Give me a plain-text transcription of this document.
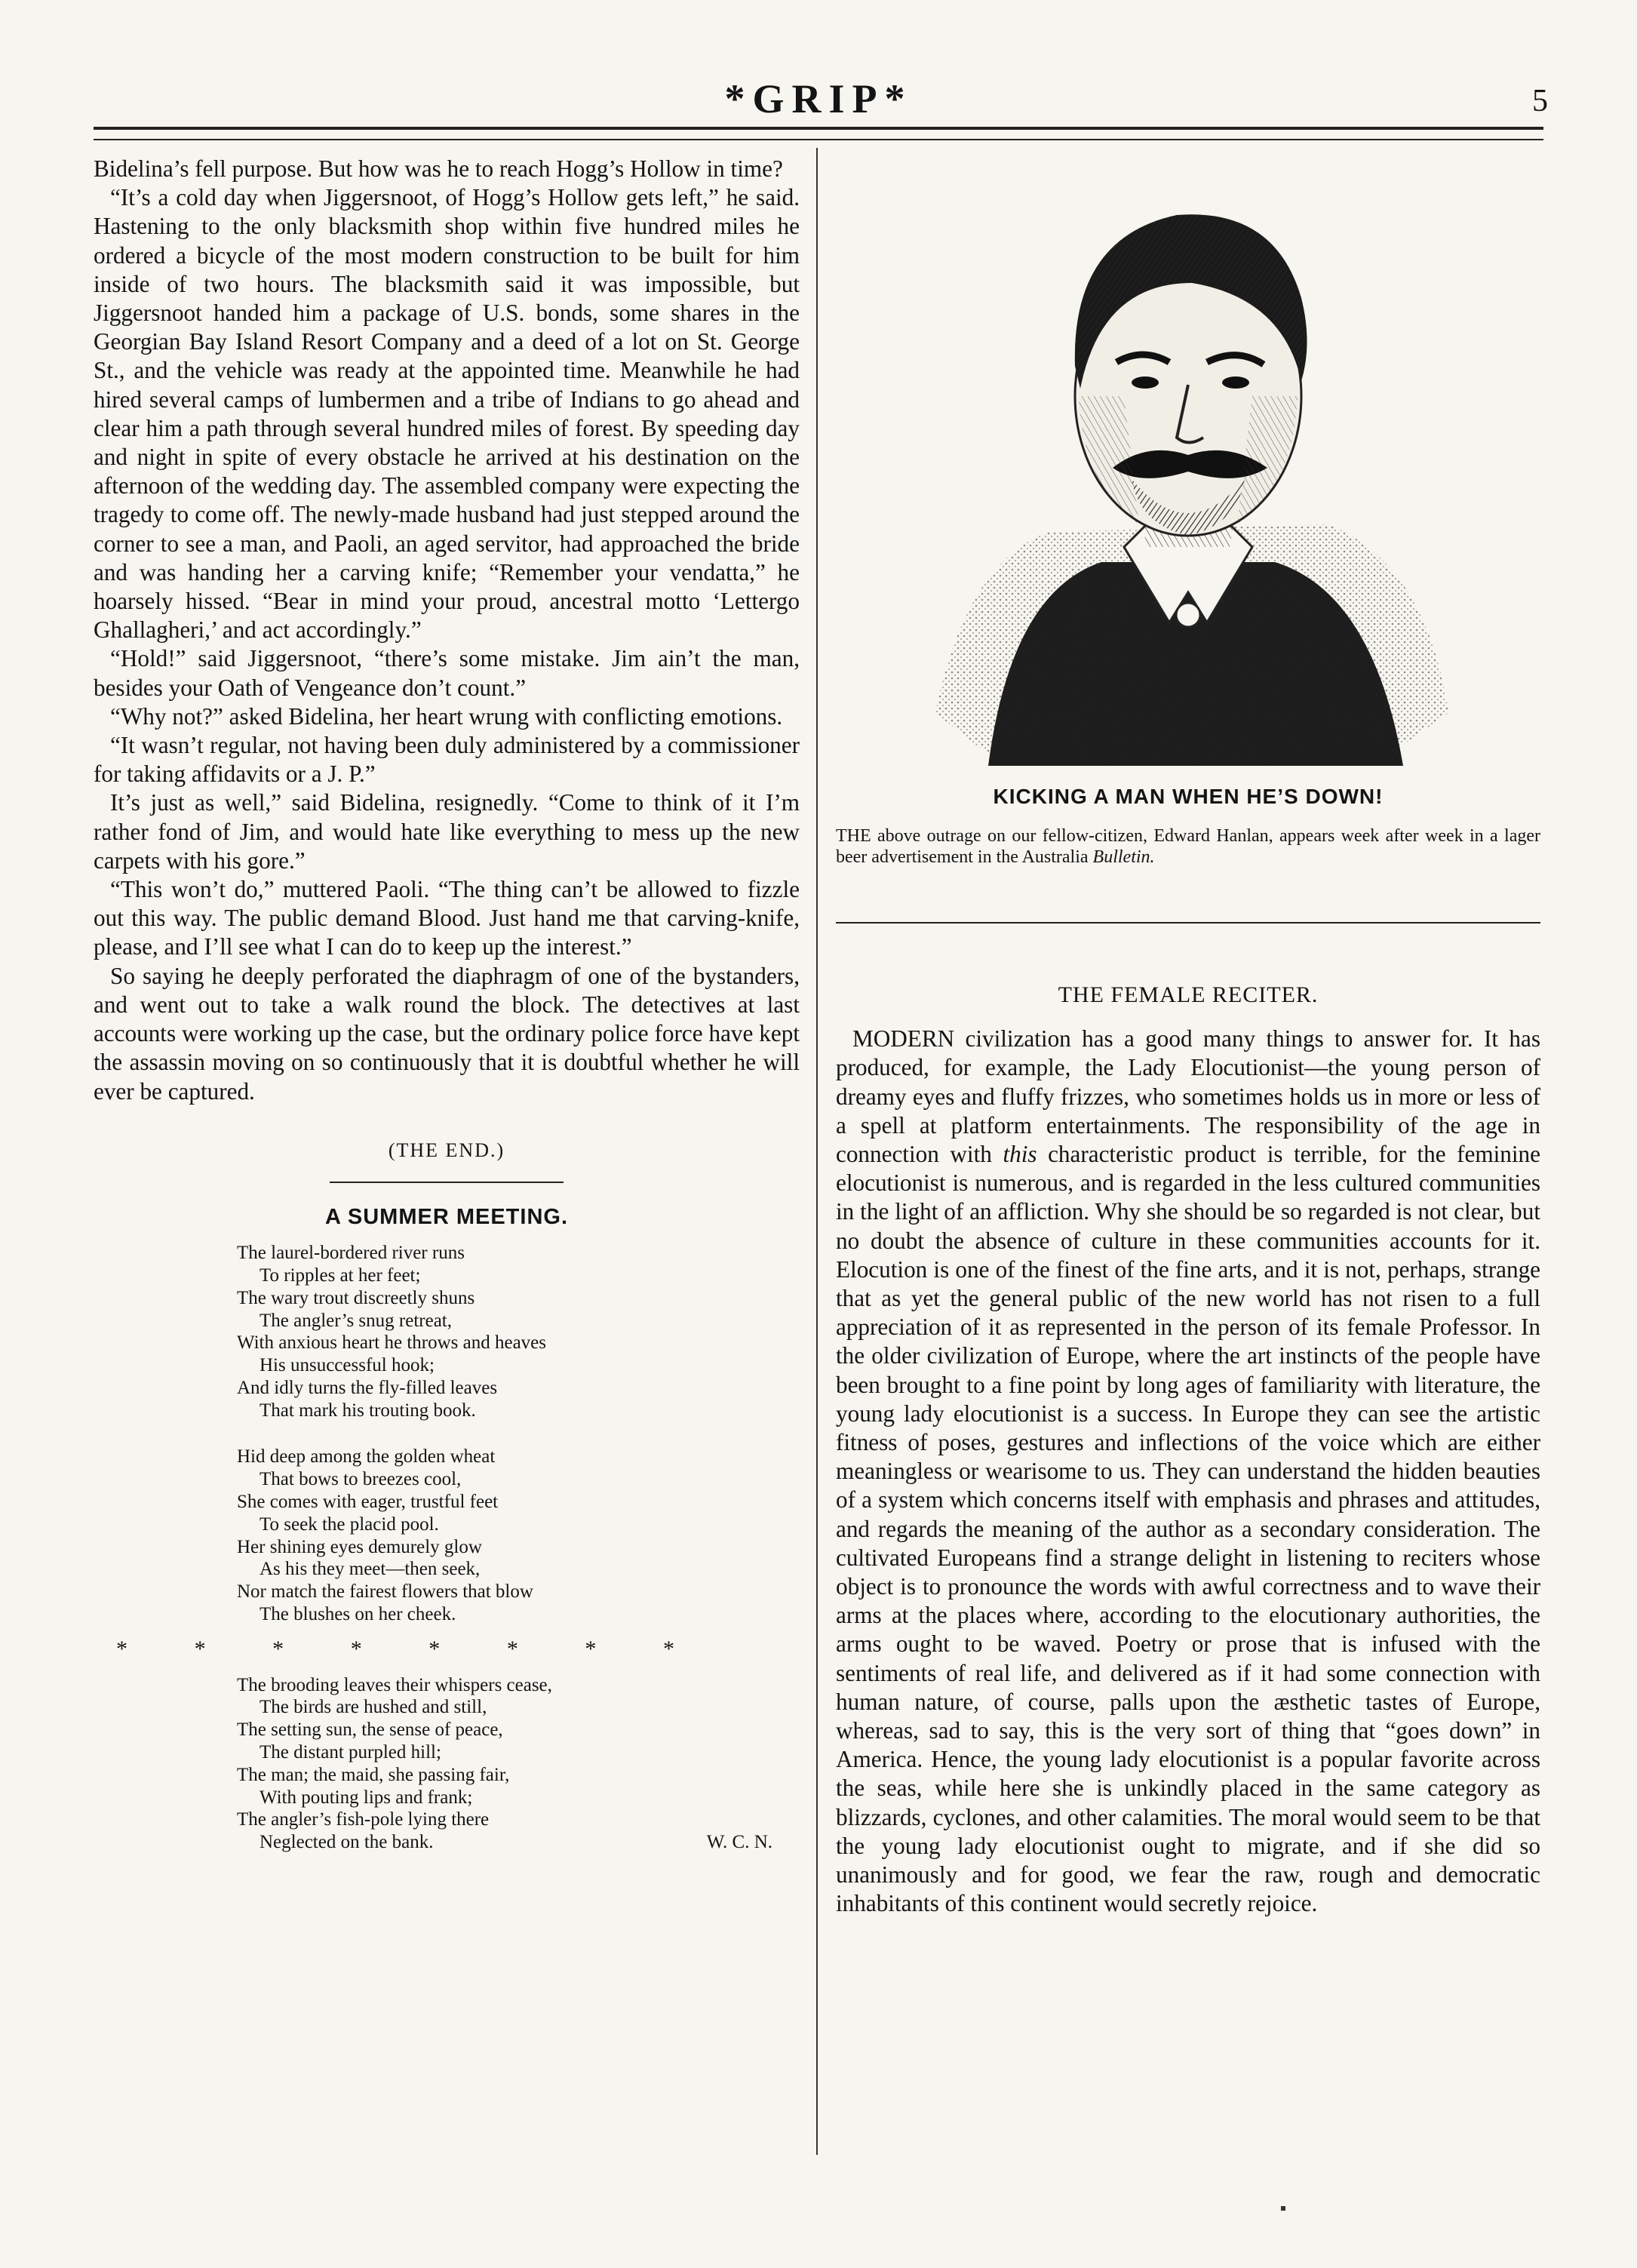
*GRIP*	5

Bidelina’s fell purpose. But how was he to reach Hogg’s Hollow in time?

“It’s a cold day when Jiggersnoot, of Hogg’s Hollow gets left,” he said. Hastening to the only blacksmith shop within five hundred miles he ordered a bicycle of the most modern construction to be built for him inside of two hours. The blacksmith said it was impossible, but Jiggersnoot handed him a package of U.S. bonds, some shares in the Georgian Bay Island Resort Company and a deed of a lot on St. George St., and the vehicle was ready at the appointed time. Meanwhile he had hired several camps of lumbermen and a tribe of Indians to go ahead and clear him a path through several hundred miles of forest. By speeding day and night in spite of every obstacle he arrived at his destination on the afternoon of the wedding day. The assembled company were expecting the tragedy to come off. The newly-made husband had just stepped around the corner to see a man, and Paoli, an aged servitor, had approached the bride and was handing her a carving knife; “Remember your vendatta,” he hoarsely hissed. “Bear in mind your proud, ancestral motto ‘Lettergo Ghallagheri,’ and act accordingly.”

“Hold!” said Jiggersnoot, “there’s some mistake. Jim ain’t the man, besides your Oath of Vengeance don’t count.”

“Why not?” asked Bidelina, her heart wrung with conflicting emotions.

“It wasn’t regular, not having been duly administered by a commissioner for taking affidavits or a J. P.”

It’s just as well,” said Bidelina, resignedly. “Come to think of it I’m rather fond of Jim, and would hate like everything to mess up the new carpets with his gore.”

“This won’t do,” muttered Paoli. “The thing can’t be allowed to fizzle out this way. The public demand Blood. Just hand me that carving-knife, please, and I’ll see what I can do to keep up the interest.”

So saying he deeply perforated the diaphragm of one of the bystanders, and went out to take a walk round the block. The detectives at last accounts were working up the case, but the ordinary police force have kept the assassin moving on so continuously that it is doubtful whether he will ever be captured.

(THE END.)
A SUMMER MEETING.
The laurel-bordered river runs
To ripples at her feet;
The wary trout discreetly shuns
The angler’s snug retreat,
With anxious heart he throws and heaves
His unsuccessful hook;
And idly turns the fly-filled leaves
That mark his trouting book.
Hid deep among the golden wheat
That bows to breezes cool,
She comes with eager, trustful feet
To seek the placid pool.
Her shining eyes demurely glow
As his they meet—then seek,
Nor match the fairest flowers that blow
The blushes on her cheek.
*	*	*	*	*	*	*	*
The brooding leaves their whispers cease,
The birds are hushed and still,
The setting sun, the sense of peace,
The distant purpled hill;
The man; the maid, she passing fair,
With pouting lips and frank;
The angler’s fish-pole lying there
Neglected on the bank.	W. C. N.
KICKING A MAN WHEN HE’S DOWN!
THE above outrage on our fellow-citizen, Edward Hanlan, appears week after week in a lager beer advertisement in the Australia Bulletin.
THE FEMALE RECITER.

MODERN civilization has a good many things to answer for. It has produced, for example, the Lady Elocutionist—the young person of dreamy eyes and fluffy frizzes, who sometimes holds us in more or less of a spell at platform entertainments. The responsibility of the age in connection with this characteristic product is terrible, for the feminine elocutionist is numerous, and is regarded in the less cultured communities in the light of an affliction. Why she should be so regarded is not clear, but no doubt the absence of culture in these communities accounts for it. Elocution is one of the finest of the fine arts, and it is not, perhaps, strange that as yet the general public of the new world has not risen to a full appreciation of it as represented in the person of its female Professor. In the older civilization of Europe, where the art instincts of the people have been brought to a fine point by long ages of familiarity with literature, the young lady elocutionist is a success. In Europe they can see the artistic fitness of poses, gestures and inflections of the voice which are either meaningless or wearisome to us. They can understand the hidden beauties of a system which concerns itself with emphasis and phrases and attitudes, and regards the meaning of the author as a secondary consideration. The cultivated Europeans find a strange delight in listening to reciters whose object is to pronounce the words with awful correctness and to wave their arms at the places where, according to the elocutionary authorities, the arms ought to be waved. Poetry or prose that is infused with the sentiments of real life, and delivered as if it had some connection with human nature, of course, palls upon the æsthetic tastes of Europe, whereas, sad to say, this is the very sort of thing that “goes down” in America. Hence, the young lady elocutionist is a popular favorite across the seas, while here she is unkindly placed in the same category as blizzards, cyclones, and other calamities. The moral would seem to be that the young lady elocutionist ought to migrate, and if she did so unanimously and for good, we fear the raw, rough and democratic inhabitants of this continent would secretly rejoice.
